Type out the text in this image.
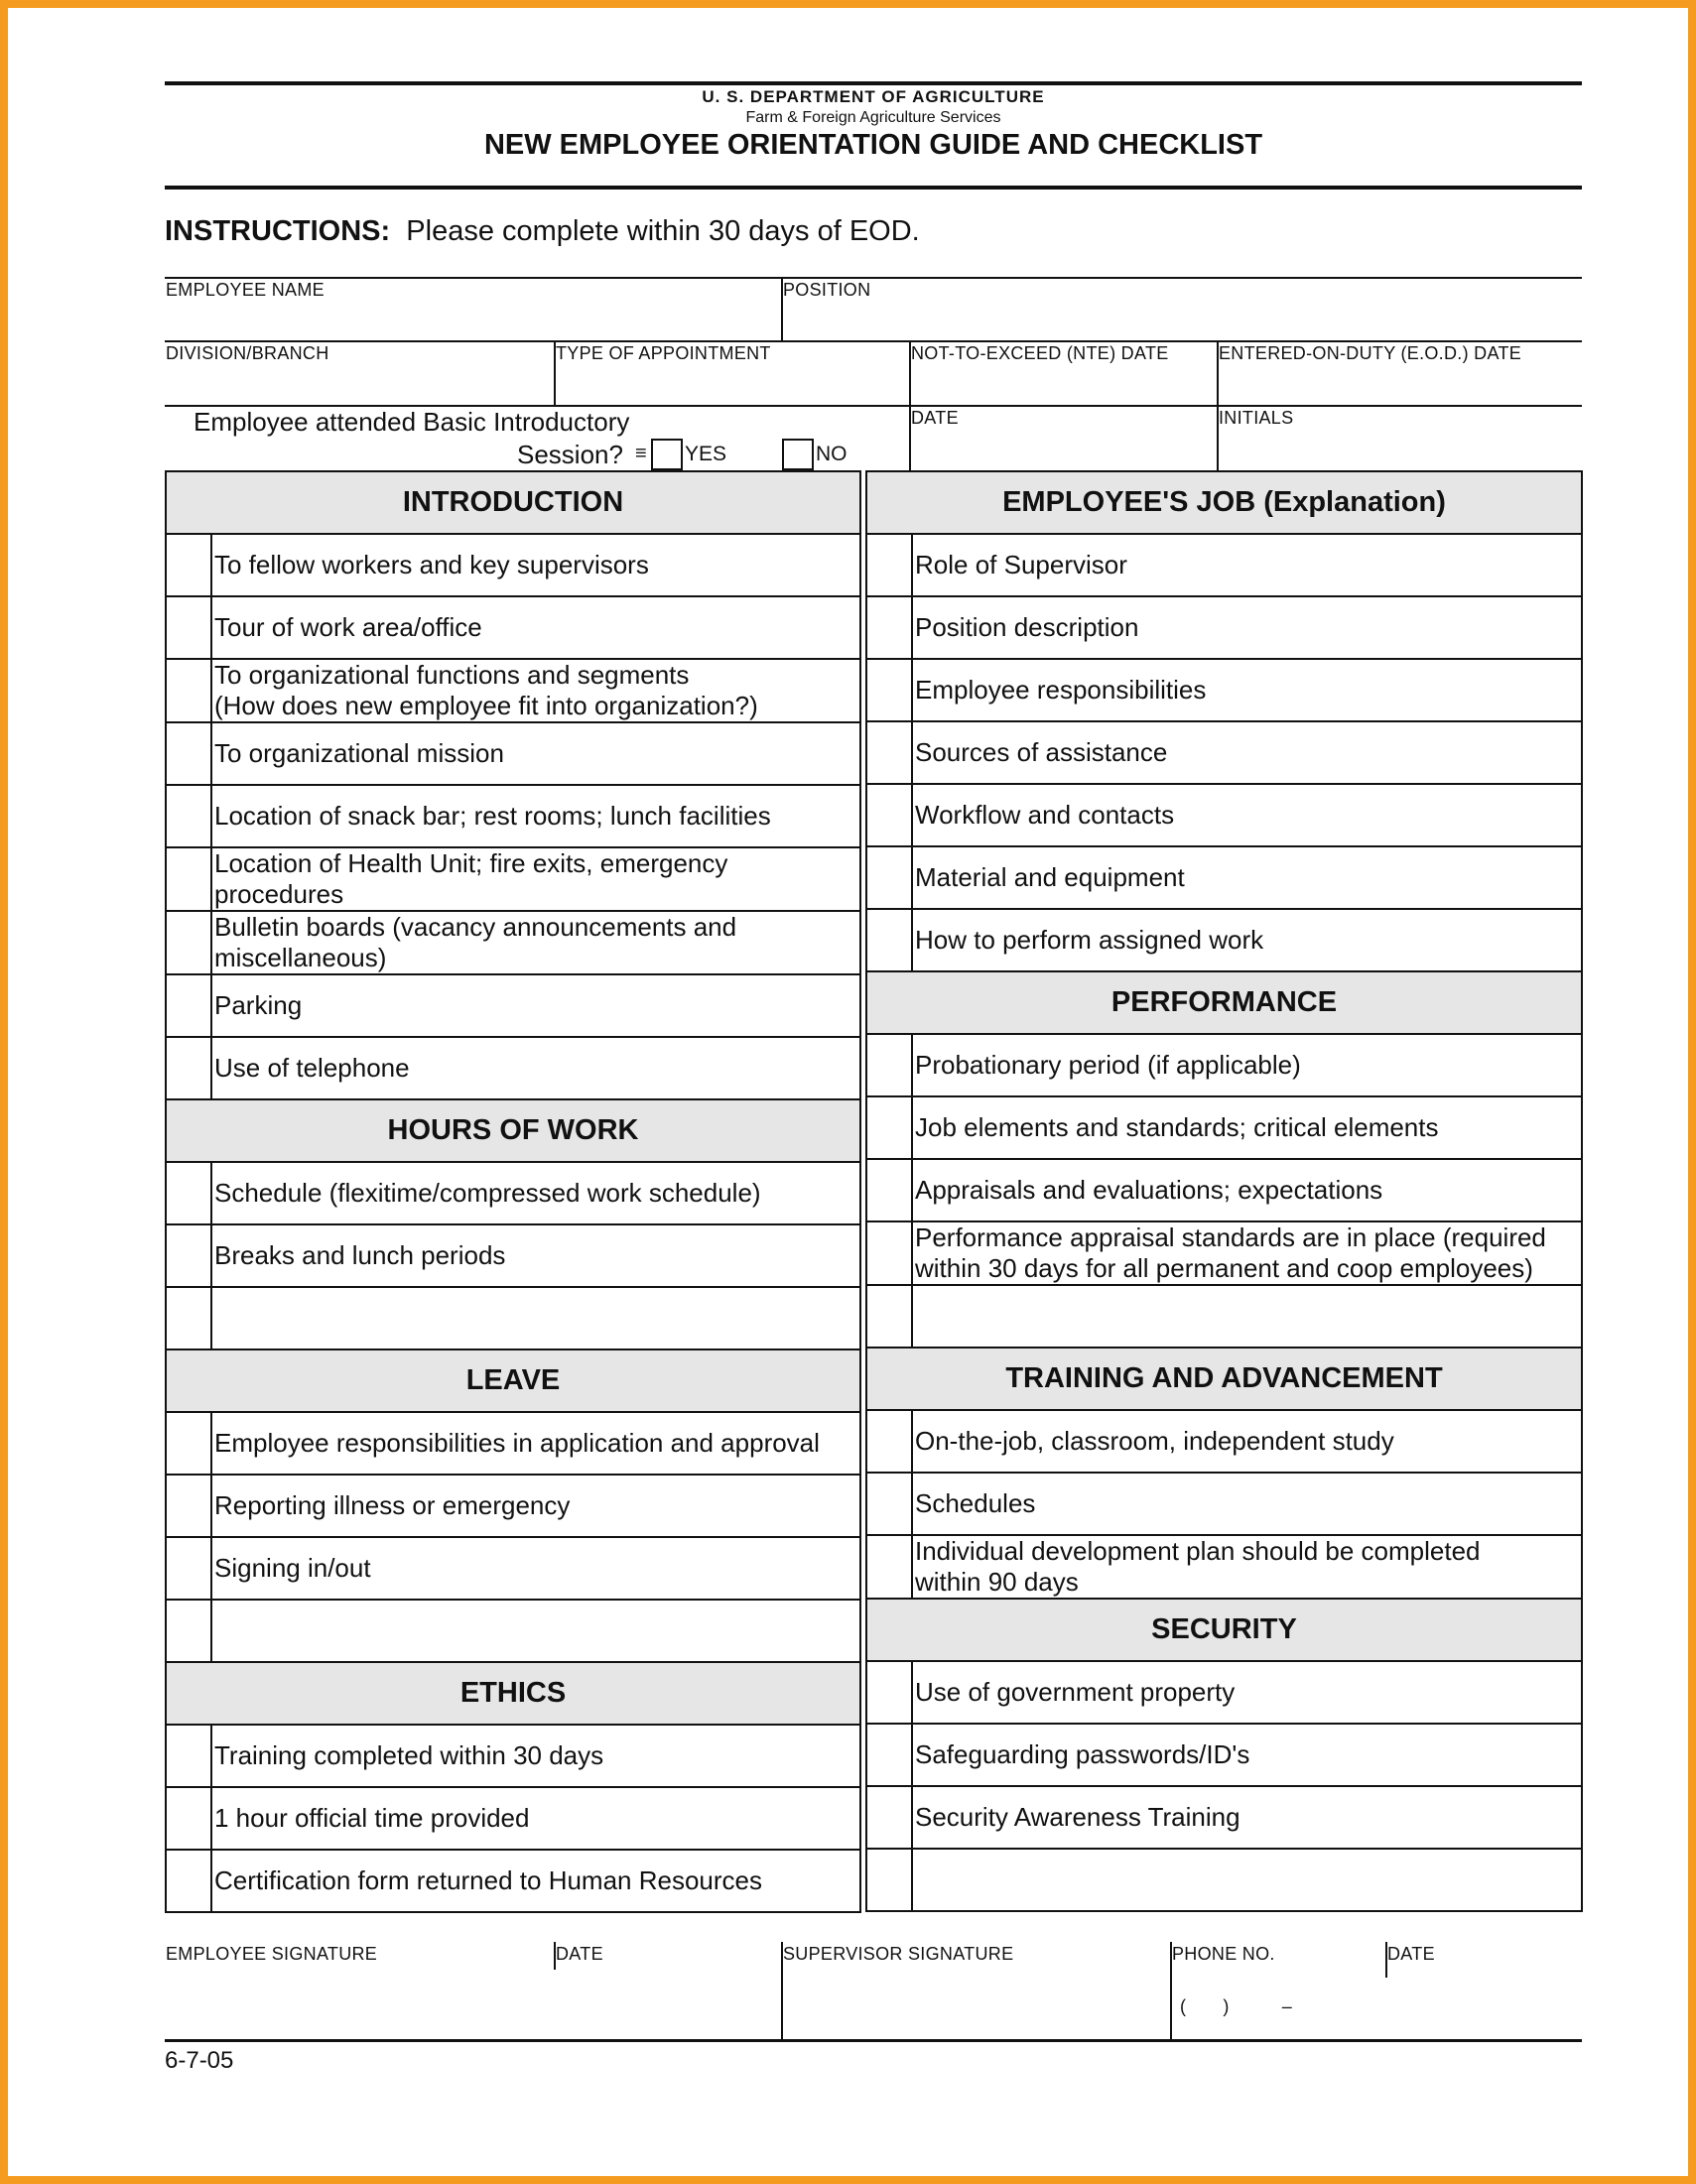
U. S. DEPARTMENT OF AGRICULTURE
Farm & Foreign Agriculture Services
NEW EMPLOYEE ORIENTATION GUIDE AND CHECKLIST
INSTRUCTIONS: Please complete within 30 days of EOD.
EMPLOYEE NAME	POSITION
DIVISION/BRANCH	TYPE OF APPOINTMENT	NOT-TO-EXCEED (NTE) DATE	ENTERED-ON-DUTY (E.O.D.) DATE
Employee attended Basic Introductory
Session? ≡ YES	NO
DATE	INITIALS
INTRODUCTION	
	To fellow workers and key supervisors
	Tour of work area/office
	To organizational functions and segments
(How does new employee fit into organization?)
	To organizational mission
	Location of snack bar; rest rooms; lunch facilities
	Location of Health Unit; fire exits, emergency
procedures
	Bulletin boards (vacancy announcements and
miscellaneous)
	Parking
	Use of telephone
HOURS OF WORK	
	Schedule (flexitime/compressed work schedule)
	Breaks and lunch periods

LEAVE	
	Employee responsibilities in application and approval
	Reporting illness or emergency
	Signing in/out

ETHICS	
	Training completed within 30 days
	1 hour official time provided
	Certification form returned to Human Resources
EMPLOYEE'S JOB (Explanation)	
	Role of Supervisor
	Position description
	Employee responsibilities
	Sources of assistance
	Workflow and contacts
	Material and equipment
	How to perform assigned work
PERFORMANCE	
	Probationary period (if applicable)
	Job elements and standards; critical elements
	Appraisals and evaluations; expectations
	Performance appraisal standards are in place (required
within 30 days for all permanent and coop employees)

TRAINING AND ADVANCEMENT	
	On-the-job, classroom, independent study
	Schedules
	Individual development plan should be completed
within 90 days
SECURITY	
	Use of government property
	Safeguarding passwords/ID's
	Security Awareness Training

EMPLOYEE SIGNATURE	DATE	SUPERVISOR SIGNATURE	PHONE NO.	DATE
(       )          –
6-7-05
